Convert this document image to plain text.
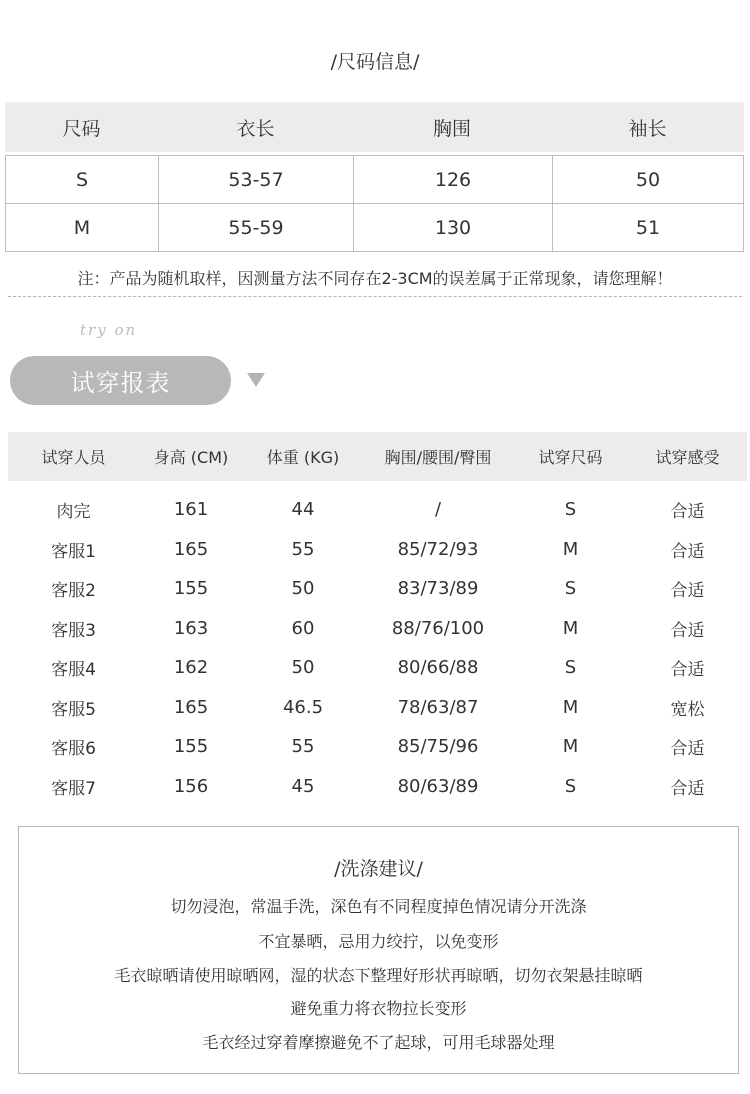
/尺码信息/
尺码	衣长	胸围	袖长
S	53-57	126	50
M	55-59	130	51
注：产品为随机取样，因测量方法不同存在2-3CM的误差属于正常现象，请您理解！
try on
试穿报表
试穿人员	身高 (CM)	体重 (KG)	胸围/腰围/臀围	试穿尺码	试穿感受
肉完	161	44	/	S	合适
客服1	165	55	85/72/93	M	合适
客服2	155	50	83/73/89	S	合适
客服3	163	60	88/76/100	M	合适
客服4	162	50	80/66/88	S	合适
客服5	165	46.5	78/63/87	M	宽松
客服6	155	55	85/75/96	M	合适
客服7	156	45	80/63/89	S	合适
/洗涤建议/
切勿浸泡，常温手洗，深色有不同程度掉色情况请分开洗涤
不宜暴晒，忌用力绞拧，以免变形
毛衣晾晒请使用晾晒网，湿的状态下整理好形状再晾晒，切勿衣架悬挂晾晒
避免重力将衣物拉长变形
毛衣经过穿着摩擦避免不了起球，可用毛球器处理
